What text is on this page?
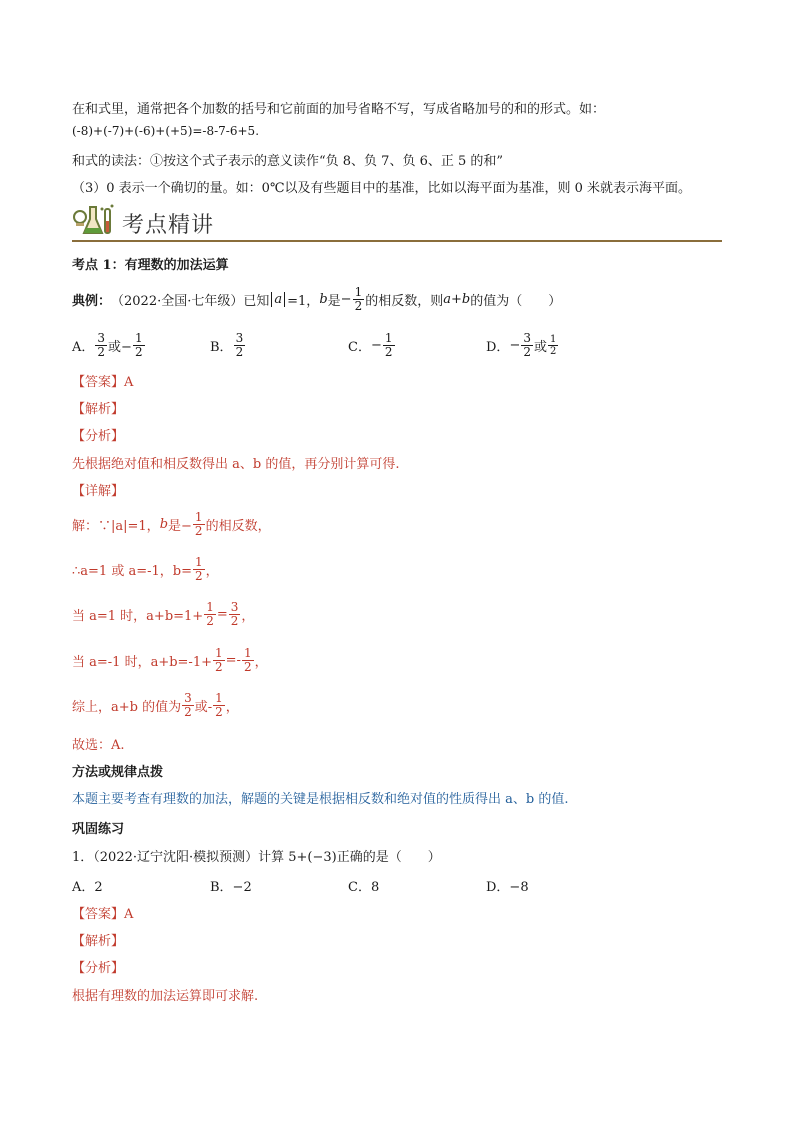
在和式里，通常把各个加数的括号和它前面的加号省略不写，写成省略加号的和的形式。如：
(-8)+(-7)+(-6)+(+5)=-8-7-6+5.
和式的读法：①按这个式子表示的意义读作“负 8、负 7、负 6、正 5 的和”
（3）0 表示一个确切的量。如：0℃以及有些题目中的基准，比如以海平面为基准，则 0 米就表示海平面。
考点精讲
考点 1：有理数的加法运算
典例： （2022·全国·七年级）已知 a =1， b 是 − $\frac{1}{2}$ 的相反数，则 a+b 的值为（　　）
A． $\frac{3}{2}$ 或− $\frac{1}{2}$	B． $\frac{3}{2}$	C． − $\frac{1}{2}$	D． − $\frac{3}{2}$ 或 $\frac{1}{2}$
【答案】A
【解析】
【分析】
先根据绝对值和相反数得出 a、b 的值，再分别计算可得.
【详解】
解：∵|a|=1， b 是− $\frac{1}{2}$ 的相反数，
∴a=1 或 a=-1，$b= \frac{1}{2}$ ，
当 a=1 时，$a+b=1+ \frac{1}{2} = \frac{3}{2}$ ，
当 a=-1 时，$a+b=-1+ \frac{1}{2} =- \frac{1}{2}$ ，
综上，a+b 的值为 $\frac{3}{2}$ 或- $\frac{1}{2}$ ，
故选：A.
方法或规律点拨
本题主要考查有理数的加法，解题的关键是根据相反数和绝对值的性质得出 a、b 的值.
巩固练习
1．（2022·辽宁沈阳·模拟预测）计算 5+(−3)正确的是（　　）
A．2	B．−2	C．8	D．−8
【答案】A
【解析】
【分析】
根据有理数的加法运算即可求解.
